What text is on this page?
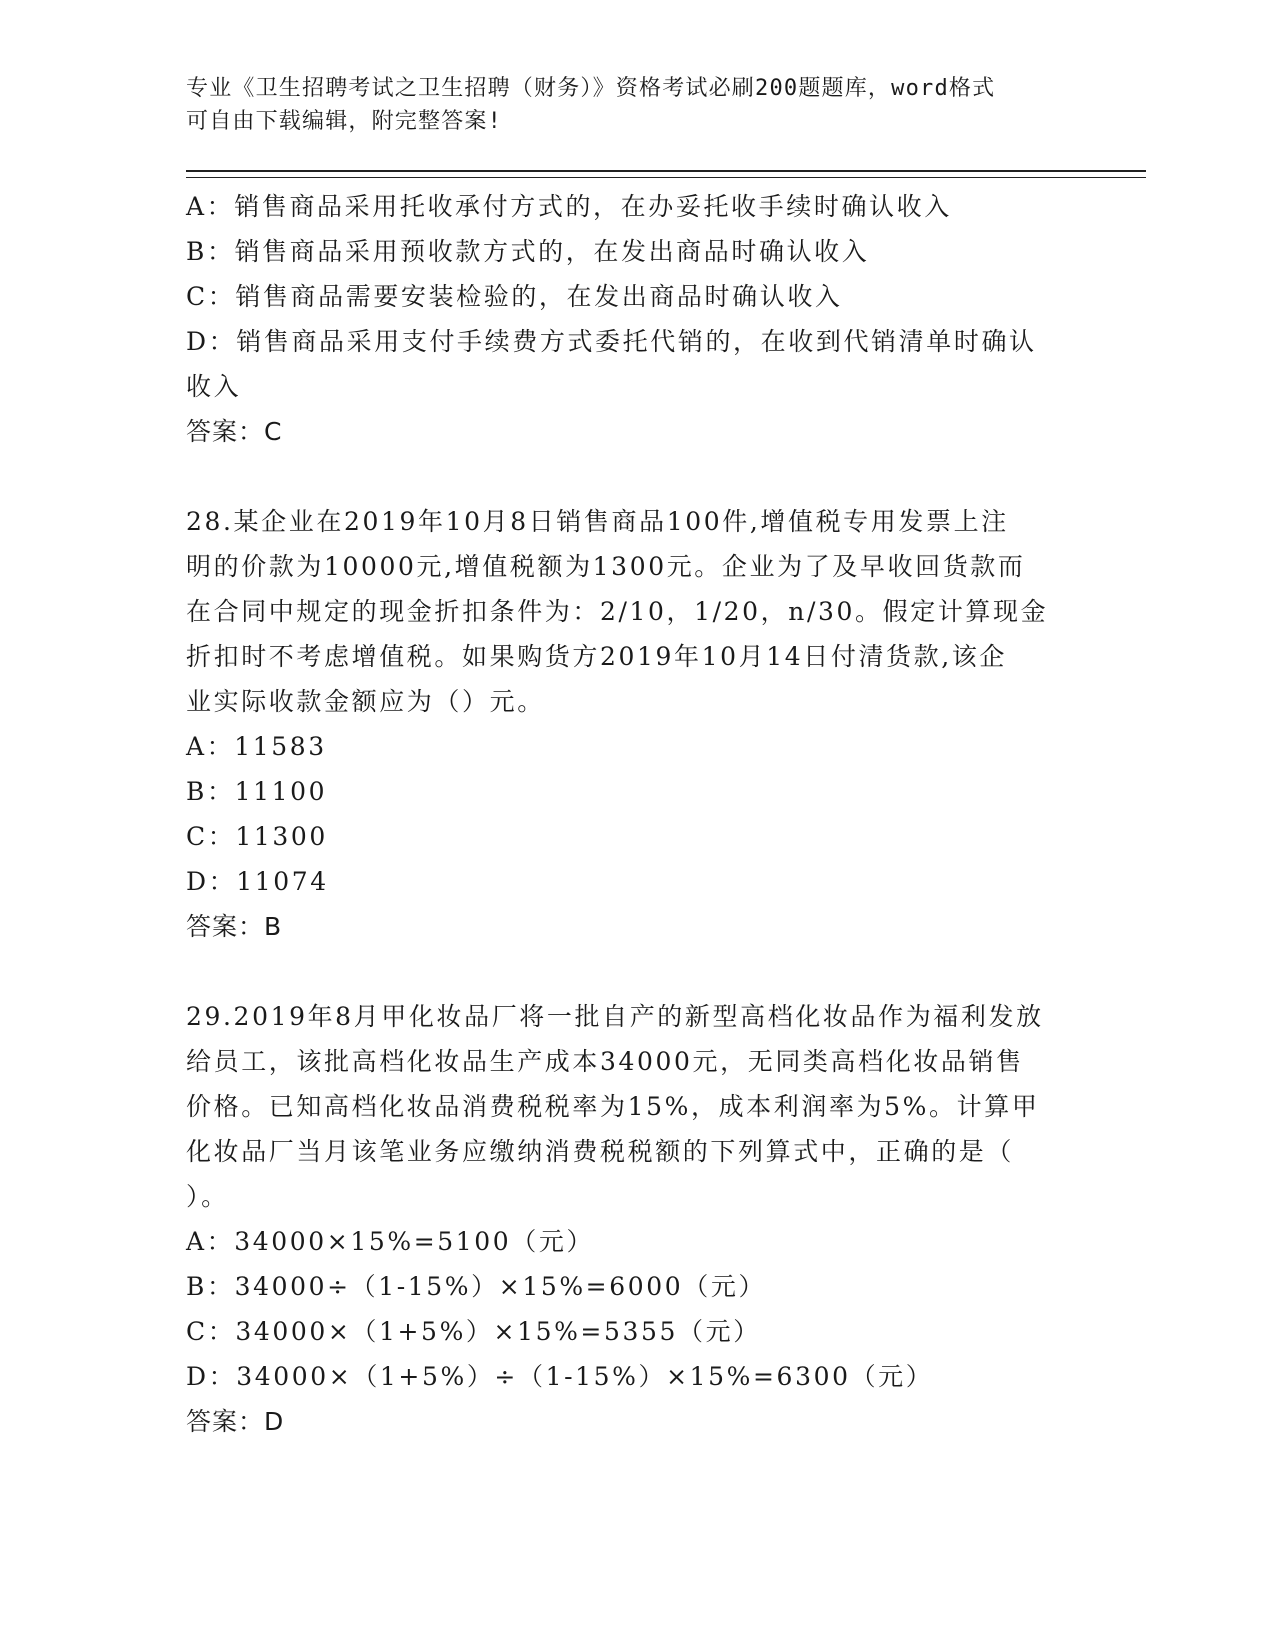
专业《卫生招聘考试之卫生招聘（财务）》资格考试必刷200题题库，word格式
可自由下载编辑，附完整答案!
A：销售商品采用托收承付方式的，在办妥托收手续时确认收入
B：销售商品采用预收款方式的，在发出商品时确认收入
C：销售商品需要安装检验的，在发出商品时确认收入
D：销售商品采用支付手续费方式委托代销的，在收到代销清单时确认
收入
答案：C
28.某企业在2019年10月8日销售商品100件,增值税专用发票上注
明的价款为10000元,增值税额为1300元。企业为了及早收回货款而
在合同中规定的现金折扣条件为：2/10，1/20，n/30。假定计算现金
折扣时不考虑增值税。如果购货方2019年10月14日付清货款,该企
业实际收款金额应为（）元。
A：11583
B：11100
C：11300
D：11074
答案：B
29.2019年8月甲化妆品厂将一批自产的新型高档化妆品作为福利发放
给员工，该批高档化妆品生产成本34000元，无同类高档化妆品销售
价格。已知高档化妆品消费税税率为15%，成本利润率为5%。计算甲
化妆品厂当月该笔业务应缴纳消费税税额的下列算式中，正确的是（
）。
A：34000×15%=5100（元）
B：34000÷（1-15%）×15%=6000（元）
C：34000×（1+5%）×15%=5355（元）
D：34000×（1+5%）÷（1-15%）×15%=6300（元）
答案：D
